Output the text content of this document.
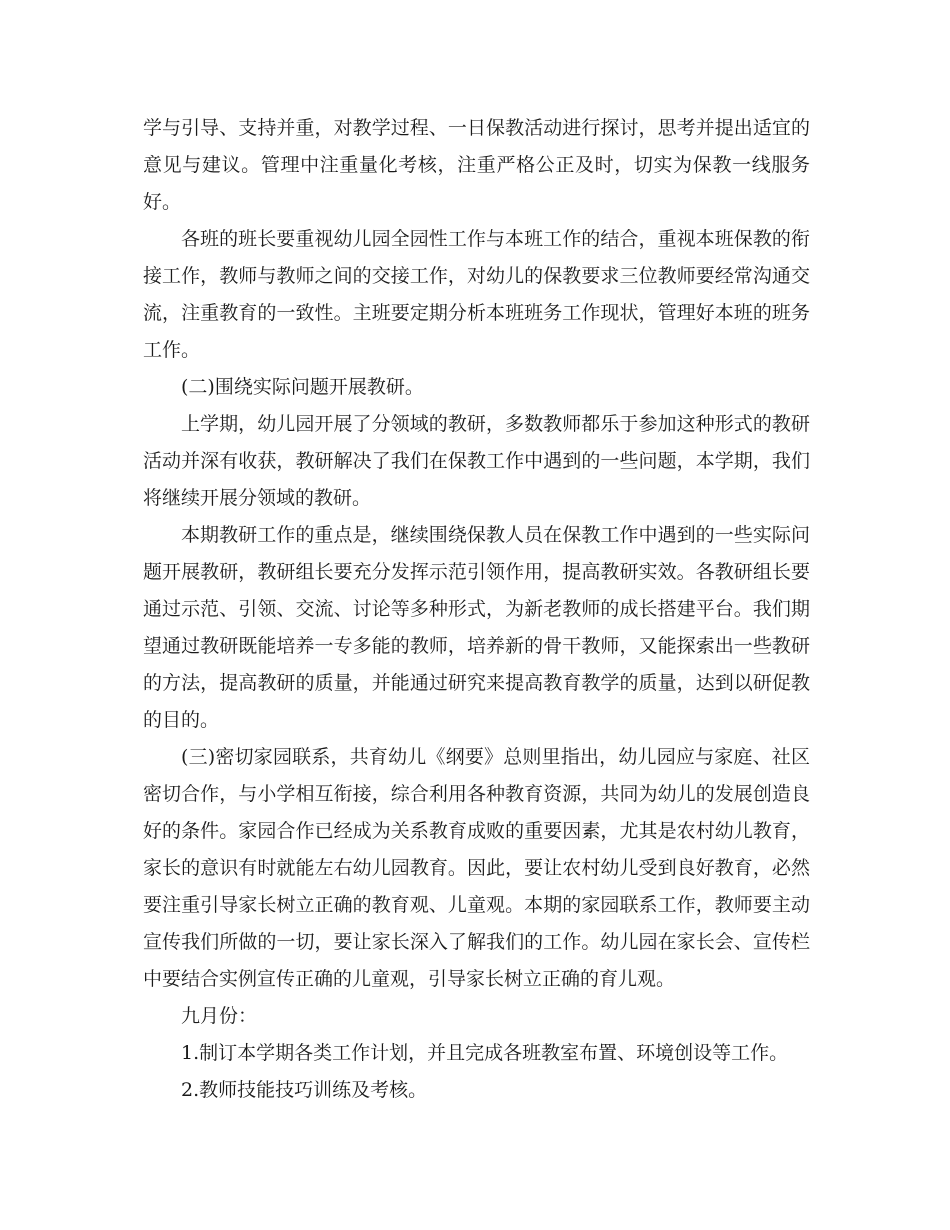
学与引导、支持并重，对教学过程、一日保教活动进行探讨，思考并提出适宜的意见与建议。管理中注重量化考核，注重严格公正及时，切实为保教一线服务好。

各班的班长要重视幼儿园全园性工作与本班工作的结合，重视本班保教的衔接工作，教师与教师之间的交接工作，对幼儿的保教要求三位教师要经常沟通交流，注重教育的一致性。主班要定期分析本班班务工作现状，管理好本班的班务工作。

(二)围绕实际问题开展教研。

上学期，幼儿园开展了分领域的教研，多数教师都乐于参加这种形式的教研活动并深有收获，教研解决了我们在保教工作中遇到的一些问题，本学期，我们将继续开展分领域的教研。

本期教研工作的重点是，继续围绕保教人员在保教工作中遇到的一些实际问题开展教研，教研组长要充分发挥示范引领作用，提高教研实效。各教研组长要通过示范、引领、交流、讨论等多种形式，为新老教师的成长搭建平台。我们期望通过教研既能培养一专多能的教师，培养新的骨干教师，又能探索出一些教研的方法，提高教研的质量，并能通过研究来提高教育教学的质量，达到以研促教的目的。

(三)密切家园联系，共育幼儿《纲要》总则里指出，幼儿园应与家庭、社区密切合作，与小学相互衔接，综合利用各种教育资源，共同为幼儿的发展创造良好的条件。家园合作已经成为关系教育成败的重要因素，尤其是农村幼儿教育，家长的意识有时就能左右幼儿园教育。因此，要让农村幼儿受到良好教育，必然要注重引导家长树立正确的教育观、儿童观。本期的家园联系工作，教师要主动宣传我们所做的一切，要让家长深入了解我们的工作。幼儿园在家长会、宣传栏中要结合实例宣传正确的儿童观，引导家长树立正确的育儿观。

九月份：

1.制订本学期各类工作计划，并且完成各班教室布置、环境创设等工作。

2.教师技能技巧训练及考核。
